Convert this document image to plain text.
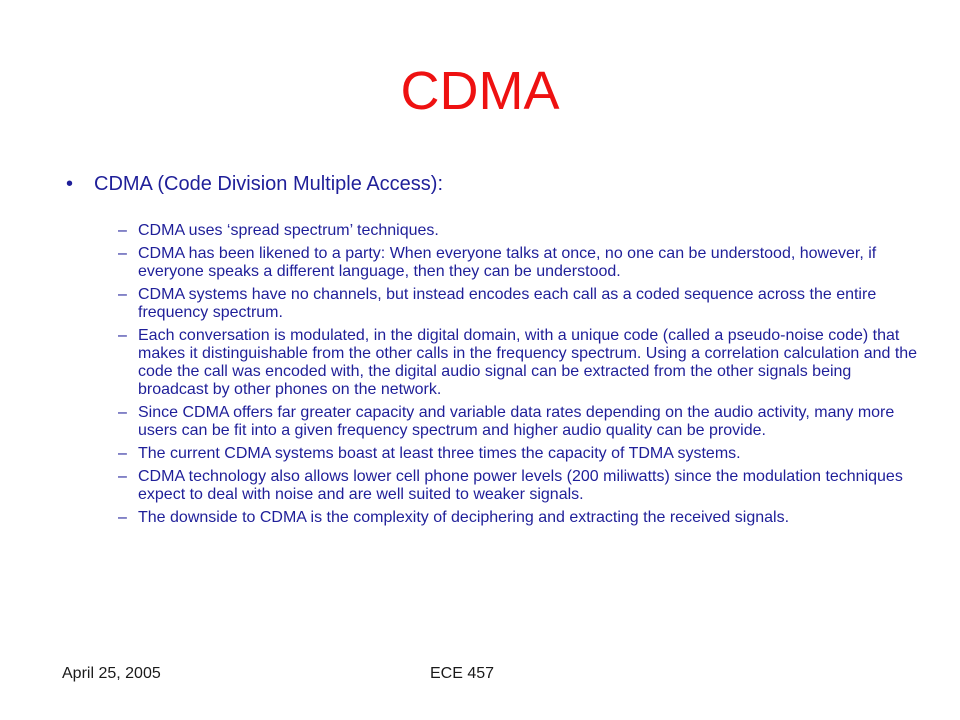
CDMA
• CDMA (Code Division Multiple Access):
– CDMA uses ‘spread spectrum’ techniques.
– CDMA has been likened to a party: When everyone talks at once, no one can be understood, however, if everyone speaks a different language, then they can be understood.
– CDMA systems have no channels, but instead encodes each call as a coded sequence across the entire frequency spectrum.
– Each conversation is modulated, in the digital domain, with a unique code (called a pseudo-noise code) that makes it distinguishable from the other calls in the frequency spectrum. Using a correlation calculation and the code the call was encoded with, the digital audio signal can be extracted from the other signals being broadcast by other phones on the network.
– Since CDMA offers far greater capacity and variable data rates depending on the audio activity, many more users can be fit into a given frequency spectrum and higher audio quality can be provide.
– The current CDMA systems boast at least three times the capacity of TDMA systems.
– CDMA technology also allows lower cell phone power levels (200 miliwatts) since the modulation techniques expect to deal with noise and are well suited to weaker signals.
– The downside to CDMA is the complexity of deciphering and extracting the received signals.
April 25, 2005	ECE 457
